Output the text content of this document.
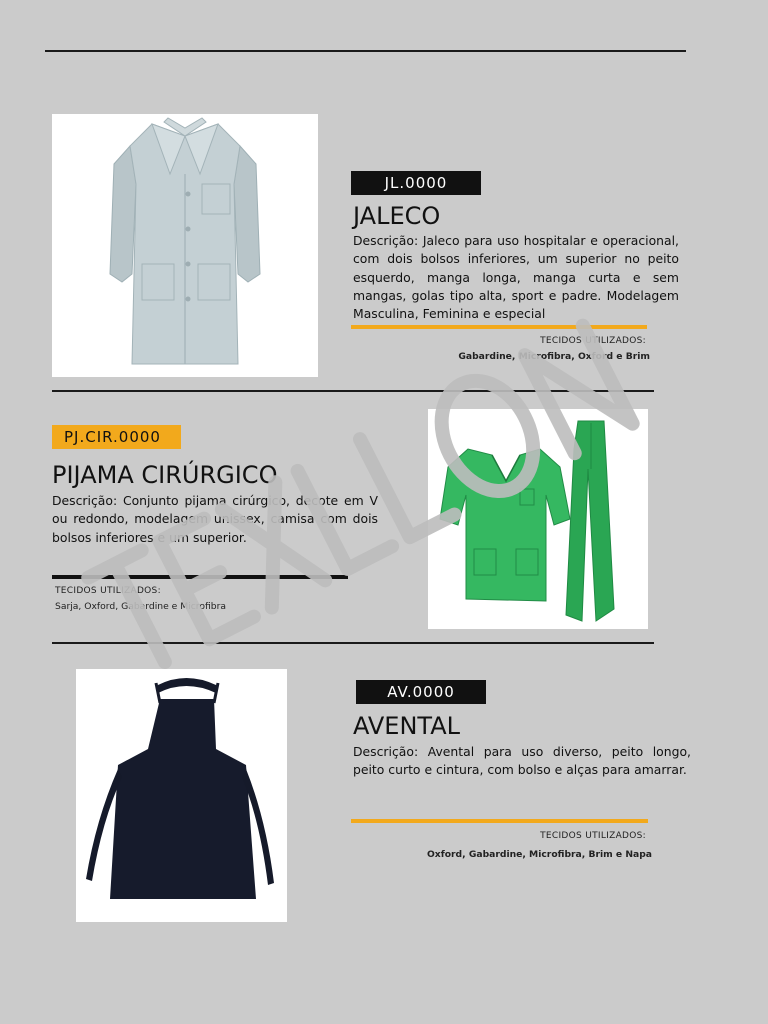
JL.0000
JALECO

Descrição: Jaleco para uso hospitalar e operacional, com dois bolsos inferiores, um superior no peito esquerdo, manga longa, manga curta e sem mangas, golas tipo alta, sport e padre. Modelagem Masculina, Feminina e especial

TECIDOS UTILIZADOS:
Gabardine, Microfibra, Oxford e Brim
PJ.CIR.0000
PIJAMA CIRÚRGICO

Descrição: Conjunto pijama cirúrgico, decote em V ou redondo, modelagem unissex, camisa com dois bolsos inferiores e um superior.

TECIDOS UTILIZADOS:
Sarja, Oxford, Gabardine e Microfibra
AV.0000
AVENTAL

Descrição: Avental para uso diverso, peito longo, peito curto e cintura, com bolso e alças para amarrar.

TECIDOS UTILIZADOS:
Oxford, Gabardine, Microfibra, Brim e Napa
